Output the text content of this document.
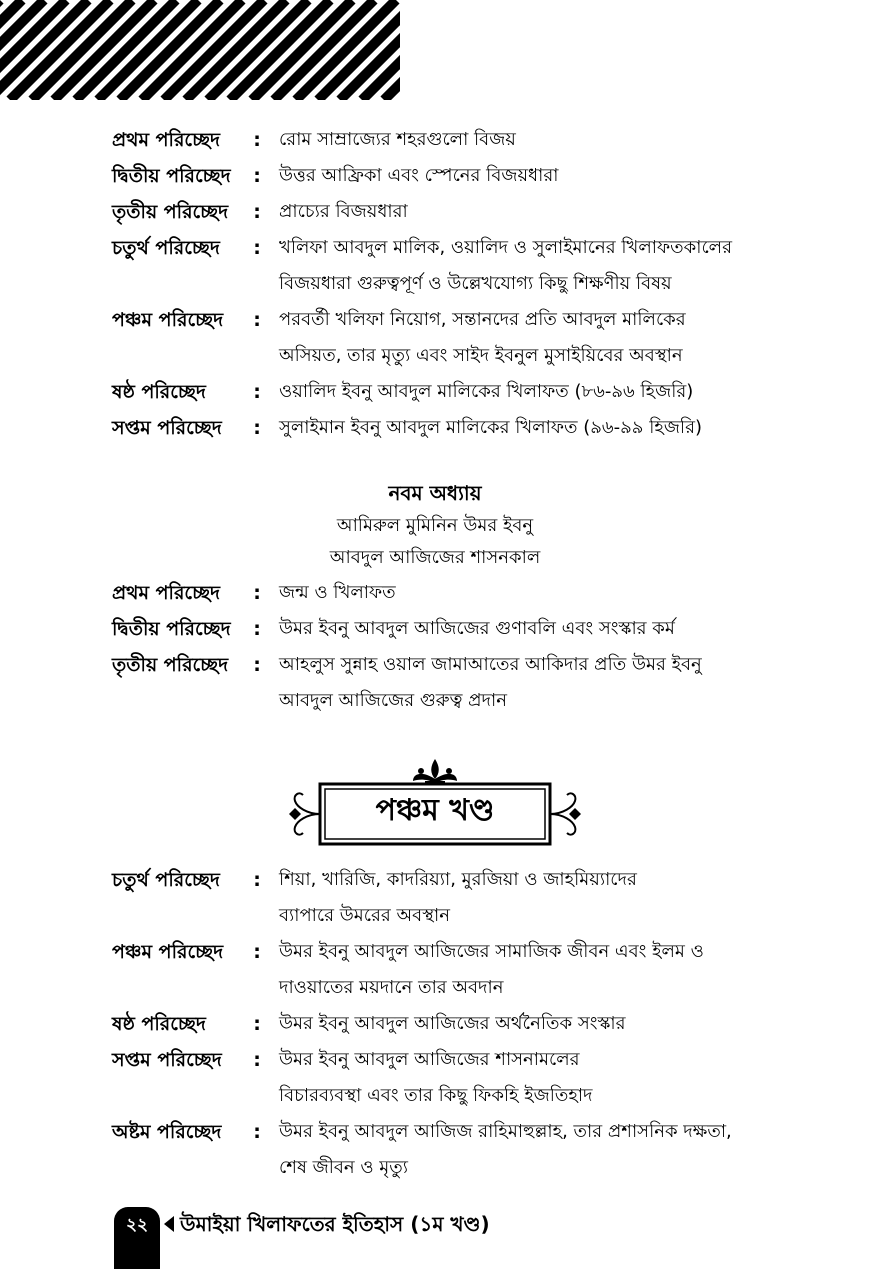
প্রথম পরিচ্ছেদ	: রোম সাম্রাজ্যের শহরগুলো বিজয়
দ্বিতীয় পরিচ্ছেদ	: উত্তর আফ্রিকা এবং স্পেনের বিজয়ধারা
তৃতীয় পরিচ্ছেদ	: প্রাচ্যের বিজয়ধারা
চতুর্থ পরিচ্ছেদ	: খলিফা আবদুল মালিক, ওয়ালিদ ও সুলাইমানের খিলাফতকালের
বিজয়ধারা গুরুত্বপূর্ণ ও উল্লেখযোগ্য কিছু শিক্ষণীয় বিষয়
পঞ্চম পরিচ্ছেদ	: পরবর্তী খলিফা নিয়োগ, সন্তানদের প্রতি আবদুল মালিকের
অসিয়ত, তার মৃত্যু এবং সাইদ ইবনুল মুসাইয়িবের অবস্থান
ষষ্ঠ পরিচ্ছেদ	: ওয়ালিদ ইবনু আবদুল মালিকের খিলাফত (৮৬-৯৬ হিজরি)
সপ্তম পরিচ্ছেদ	: সুলাইমান ইবনু আবদুল মালিকের খিলাফত (৯৬-৯৯ হিজরি)
নবম অধ্যায়
আমিরুল মুমিনিন উমর ইবনু
আবদুল আজিজের শাসনকাল
প্রথম পরিচ্ছেদ	: জন্ম ও খিলাফত
দ্বিতীয় পরিচ্ছেদ	: উমর ইবনু আবদুল আজিজের গুণাবলি এবং সংস্কার কর্ম
তৃতীয় পরিচ্ছেদ	: আহলুস সুন্নাহ ওয়াল জামাআতের আকিদার প্রতি উমর ইবনু
আবদুল আজিজের গুরুত্ব প্রদান
পঞ্চম খণ্ড
চতুর্থ পরিচ্ছেদ	: শিয়া, খারিজি, কাদরিয়্যা, মুরজিয়া ও জাহমিয়্যাদের
ব্যাপারে উমরের অবস্থান
পঞ্চম পরিচ্ছেদ	: উমর ইবনু আবদুল আজিজের সামাজিক জীবন এবং ইলম ও
দাওয়াতের ময়দানে তার অবদান
ষষ্ঠ পরিচ্ছেদ	: উমর ইবনু আবদুল আজিজের অর্থনৈতিক সংস্কার
সপ্তম পরিচ্ছেদ	: উমর ইবনু আবদুল আজিজের শাসনামলের
বিচারব্যবস্থা এবং তার কিছু ফিকহি ইজতিহাদ
অষ্টম পরিচ্ছেদ	: উমর ইবনু আবদুল আজিজ রাহিমাহুল্লাহ, তার প্রশাসনিক দক্ষতা,
শেষ জীবন ও মৃত্যু
২২	উমাইয়া খিলাফতের ইতিহাস (১ম খণ্ড)
